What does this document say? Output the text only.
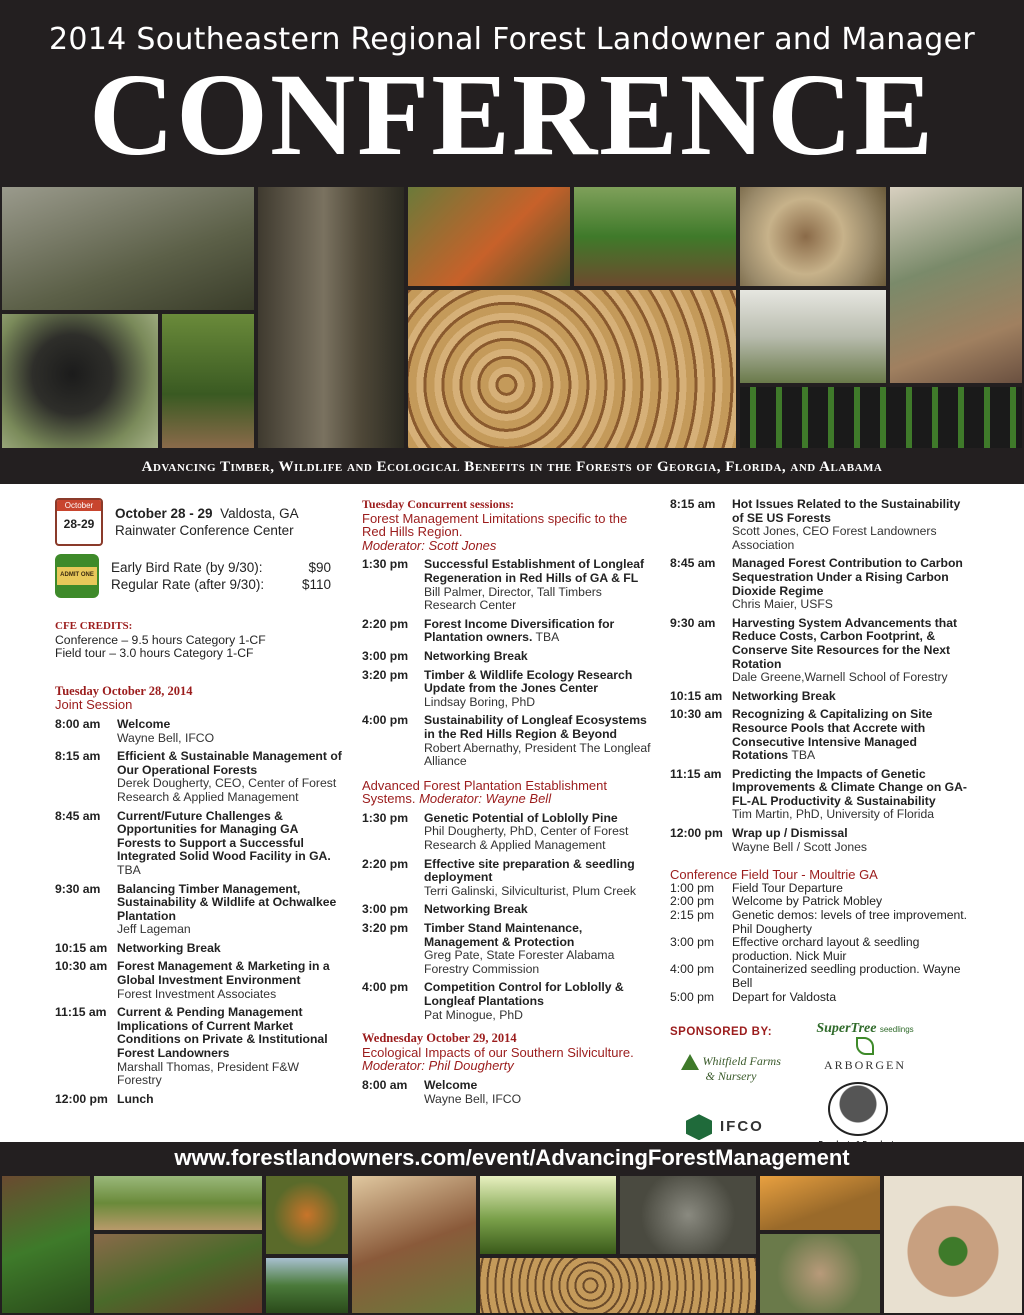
2014 Southeastern Regional Forest Landowner and Manager
CONFERENCE
Advancing Timber, Wildlife and Ecological Benefits in the Forests of Georgia, Florida, and Alabama
October
28-29
October 28 - 29 Valdosta, GA
Rainwater Conference Center
ADMIT ONE
Early Bird Rate (by 9/30):	$90
Regular Rate (after 9/30):	$110
CFE CREDITS:
Conference – 9.5 hours Category 1-CF
Field tour – 3.0 hours Category 1-CF
Tuesday October 28, 2014
Joint Session
8:00 am	Welcome
Wayne Bell, IFCO
8:15 am	Efficient & Sustainable Management of Our Operational Forests
Derek Dougherty, CEO, Center of Forest Research & Applied Management
8:45 am	Current/Future Challenges & Opportunities for Managing GA Forests to Support a Successful Integrated Solid Wood Facility in GA.
TBA
9:30 am	Balancing Timber Management, Sustainability & Wildlife at Ochwalkee Plantation
Jeff Lageman
10:15 am Networking Break
10:30 am Forest Management & Marketing in a Global Investment Environment
Forest Investment Associates
11:15 am Current & Pending Management Implications of Current Market Conditions on Private & Institutional Forest Landowners
Marshall Thomas, President F&W Forestry
12:00 pm Lunch
Tuesday Concurrent sessions:
Forest Management Limitations specific to the Red Hills Region.
Moderator: Scott Jones
1:30 pm	Successful Establishment of Longleaf Regeneration in Red Hills of GA & FL
Bill Palmer, Director, Tall Timbers Research Center
2:20 pm	Forest Income Diversification for Plantation owners. TBA
3:00 pm	Networking Break
3:20 pm	Timber & Wildlife Ecology Research Update from the Jones Center
Lindsay Boring, PhD
4:00 pm	Sustainability of Longleaf Ecosystems in the Red Hills Region & Beyond
Robert Abernathy, President The Longleaf Alliance
Advanced Forest Plantation Establishment Systems. Moderator: Wayne Bell
1:30 pm	Genetic Potential of Loblolly Pine
Phil Dougherty, PhD, Center of Forest Research & Applied Management
2:20 pm	Effective site preparation & seedling deployment
Terri Galinski, Silviculturist, Plum Creek
3:00 pm	Networking Break
3:20 pm	Timber Stand Maintenance, Management & Protection
Greg Pate, State Forester Alabama Forestry Commission
4:00 pm	Competition Control for Loblolly & Longleaf Plantations
Pat Minogue, PhD
Wednesday October 29, 2014
Ecological Impacts of our Southern Silviculture. Moderator: Phil Dougherty
8:00 am	Welcome
Wayne Bell, IFCO
8:15 am	Hot Issues Related to the Sustainability of SE US Forests
Scott Jones, CEO Forest Landowners Association
8:45 am	Managed Forest Contribution to Carbon Sequestration Under a Rising Carbon Dioxide Regime
Chris Maier, USFS
9:30 am	Harvesting System Advancements that Reduce Costs, Carbon Footprint, & Conserve Site Resources for the Next Rotation
Dale Greene,Warnell School of Forestry
10:15 am Networking Break
10:30 am Recognizing & Capitalizing on Site Resource Pools that Accrete with Consecutive Intensive Managed Rotations TBA
11:15 am Predicting the Impacts of Genetic Improvements & Climate Change on GA-FL-AL Productivity & Sustainability
Tim Martin, PhD, University of Florida
12:00 pm Wrap up / Dismissal
Wayne Bell / Scott Jones
Conference Field Tour - Moultrie GA
1:00 pm	Field Tour Departure
2:00 pm	Welcome by Patrick Mobley
2:15 pm	Genetic demos: levels of tree improvement. Phil Dougherty
3:00 pm	Effective orchard layout & seedling production. Nick Muir
4:00 pm	Containerized seedling production. Wayne Bell
5:00 pm	Depart for Valdosta
SPONSORED BY:
Whitfield Farms & Nursery
SuperTree seedlings
ARBORGEN
IFCO
www.forestlandowners.com/event/AdvancingForestManagement
